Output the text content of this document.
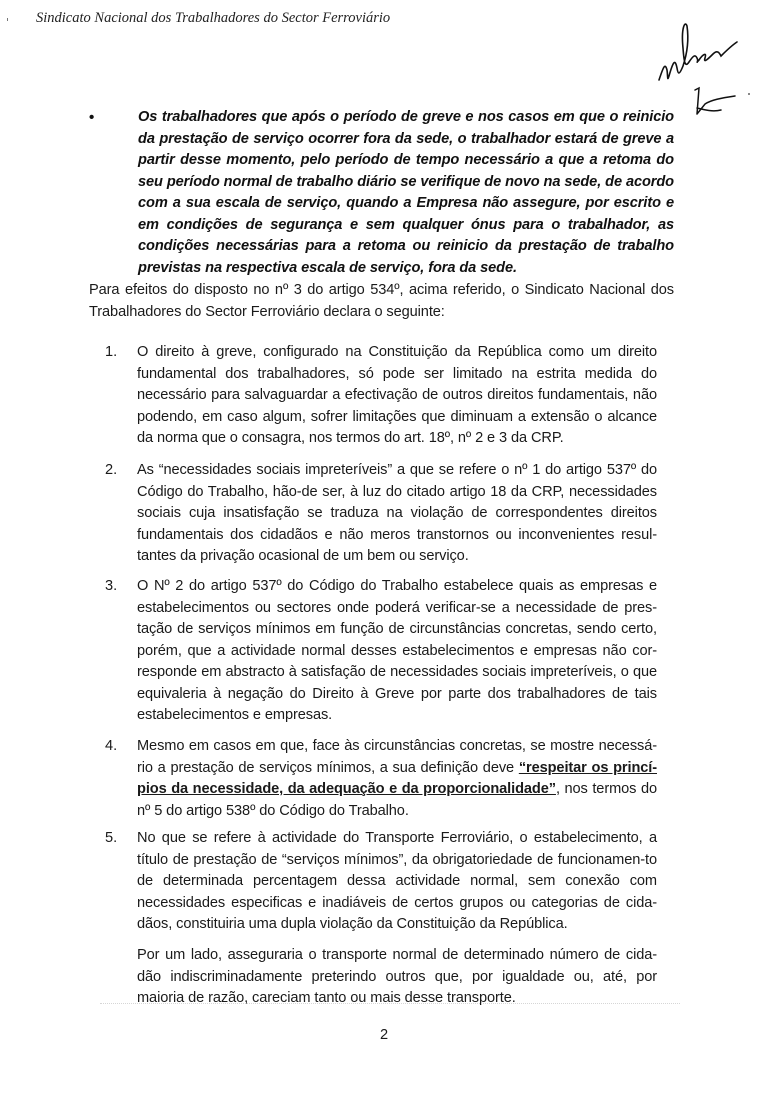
Sindicato Nacional dos Trabalhadores do Sector Ferroviário
•	Os trabalhadores que após o período de greve e nos casos em que o reinicio da prestação de serviço ocorrer fora da sede, o trabalhador estará de greve a partir desse momento, pelo período de tempo necessário a que a retoma do seu período normal de trabalho diário se verifique de novo na sede, de acordo com a sua escala de serviço, quando a Empresa não assegure, por escrito e em condições de segurança e sem qualquer ónus para o trabalhador, as condições necessárias para a retoma ou reinicio da prestação de trabalho previstas na respectiva escala de serviço, fora da sede.

Para efeitos do disposto no nº 3 do artigo 534º, acima referido, o Sindicato Nacional dos Trabalhadores do Sector Ferroviário declara o seguinte:

1.	O direito à greve, configurado na Constituição da República como um direito fundamental dos trabalhadores, só pode ser limitado na estrita medida do necessário para salvaguardar a efectivação de outros direitos fundamentais, não podendo, em caso algum, sofrer limitações que diminuam a extensão o alcance da norma que o consagra, nos termos do art. 18º, nº 2 e 3 da CRP.

2.	As “necessidades sociais impreteríveis” a que se refere o nº 1 do artigo 537º do Código do Trabalho, hão-de ser, à luz do citado artigo 18 da CRP, necessidades sociais cuja insatisfação se traduza na violação de correspondentes direitos fundamentais dos cidadãos e não meros transtornos ou inconvenientes resul-tantes da privação ocasional de um bem ou serviço.

3.	O Nº 2 do artigo 537º do Código do Trabalho estabelece quais as empresas e estabelecimentos ou sectores onde poderá verificar-se a necessidade de pres-tação de serviços mínimos em função de circunstâncias concretas, sendo certo, porém, que a actividade normal desses estabelecimentos e empresas não cor-responde em abstracto à satisfação de necessidades sociais impreteríveis, o que equivaleria à negação do Direito à Greve por parte dos trabalhadores de tais estabelecimentos e empresas.

4.	Mesmo em casos em que, face às circunstâncias concretas, se mostre necessá-rio a prestação de serviços mínimos, a sua definição deve “respeitar os princí-pios da necessidade, da adequação e da proporcionalidade”, nos termos do nº 5 do artigo 538º do Código do Trabalho.

5.	No que se refere à actividade do Transporte Ferroviário, o estabelecimento, a título de prestação de “serviços mínimos”, da obrigatoriedade de funcionamen-to de determinada percentagem dessa actividade normal, sem conexão com necessidades especificas e inadiáveis de certos grupos ou categorias de cida-dãos, constituiria uma dupla violação da Constituição da República.

Por um lado, asseguraria o transporte normal de determinado número de cida-dão indiscriminadamente preterindo outros que, por igualdade ou, até, por maioria de razão, careciam tanto ou mais desse transporte.

2
